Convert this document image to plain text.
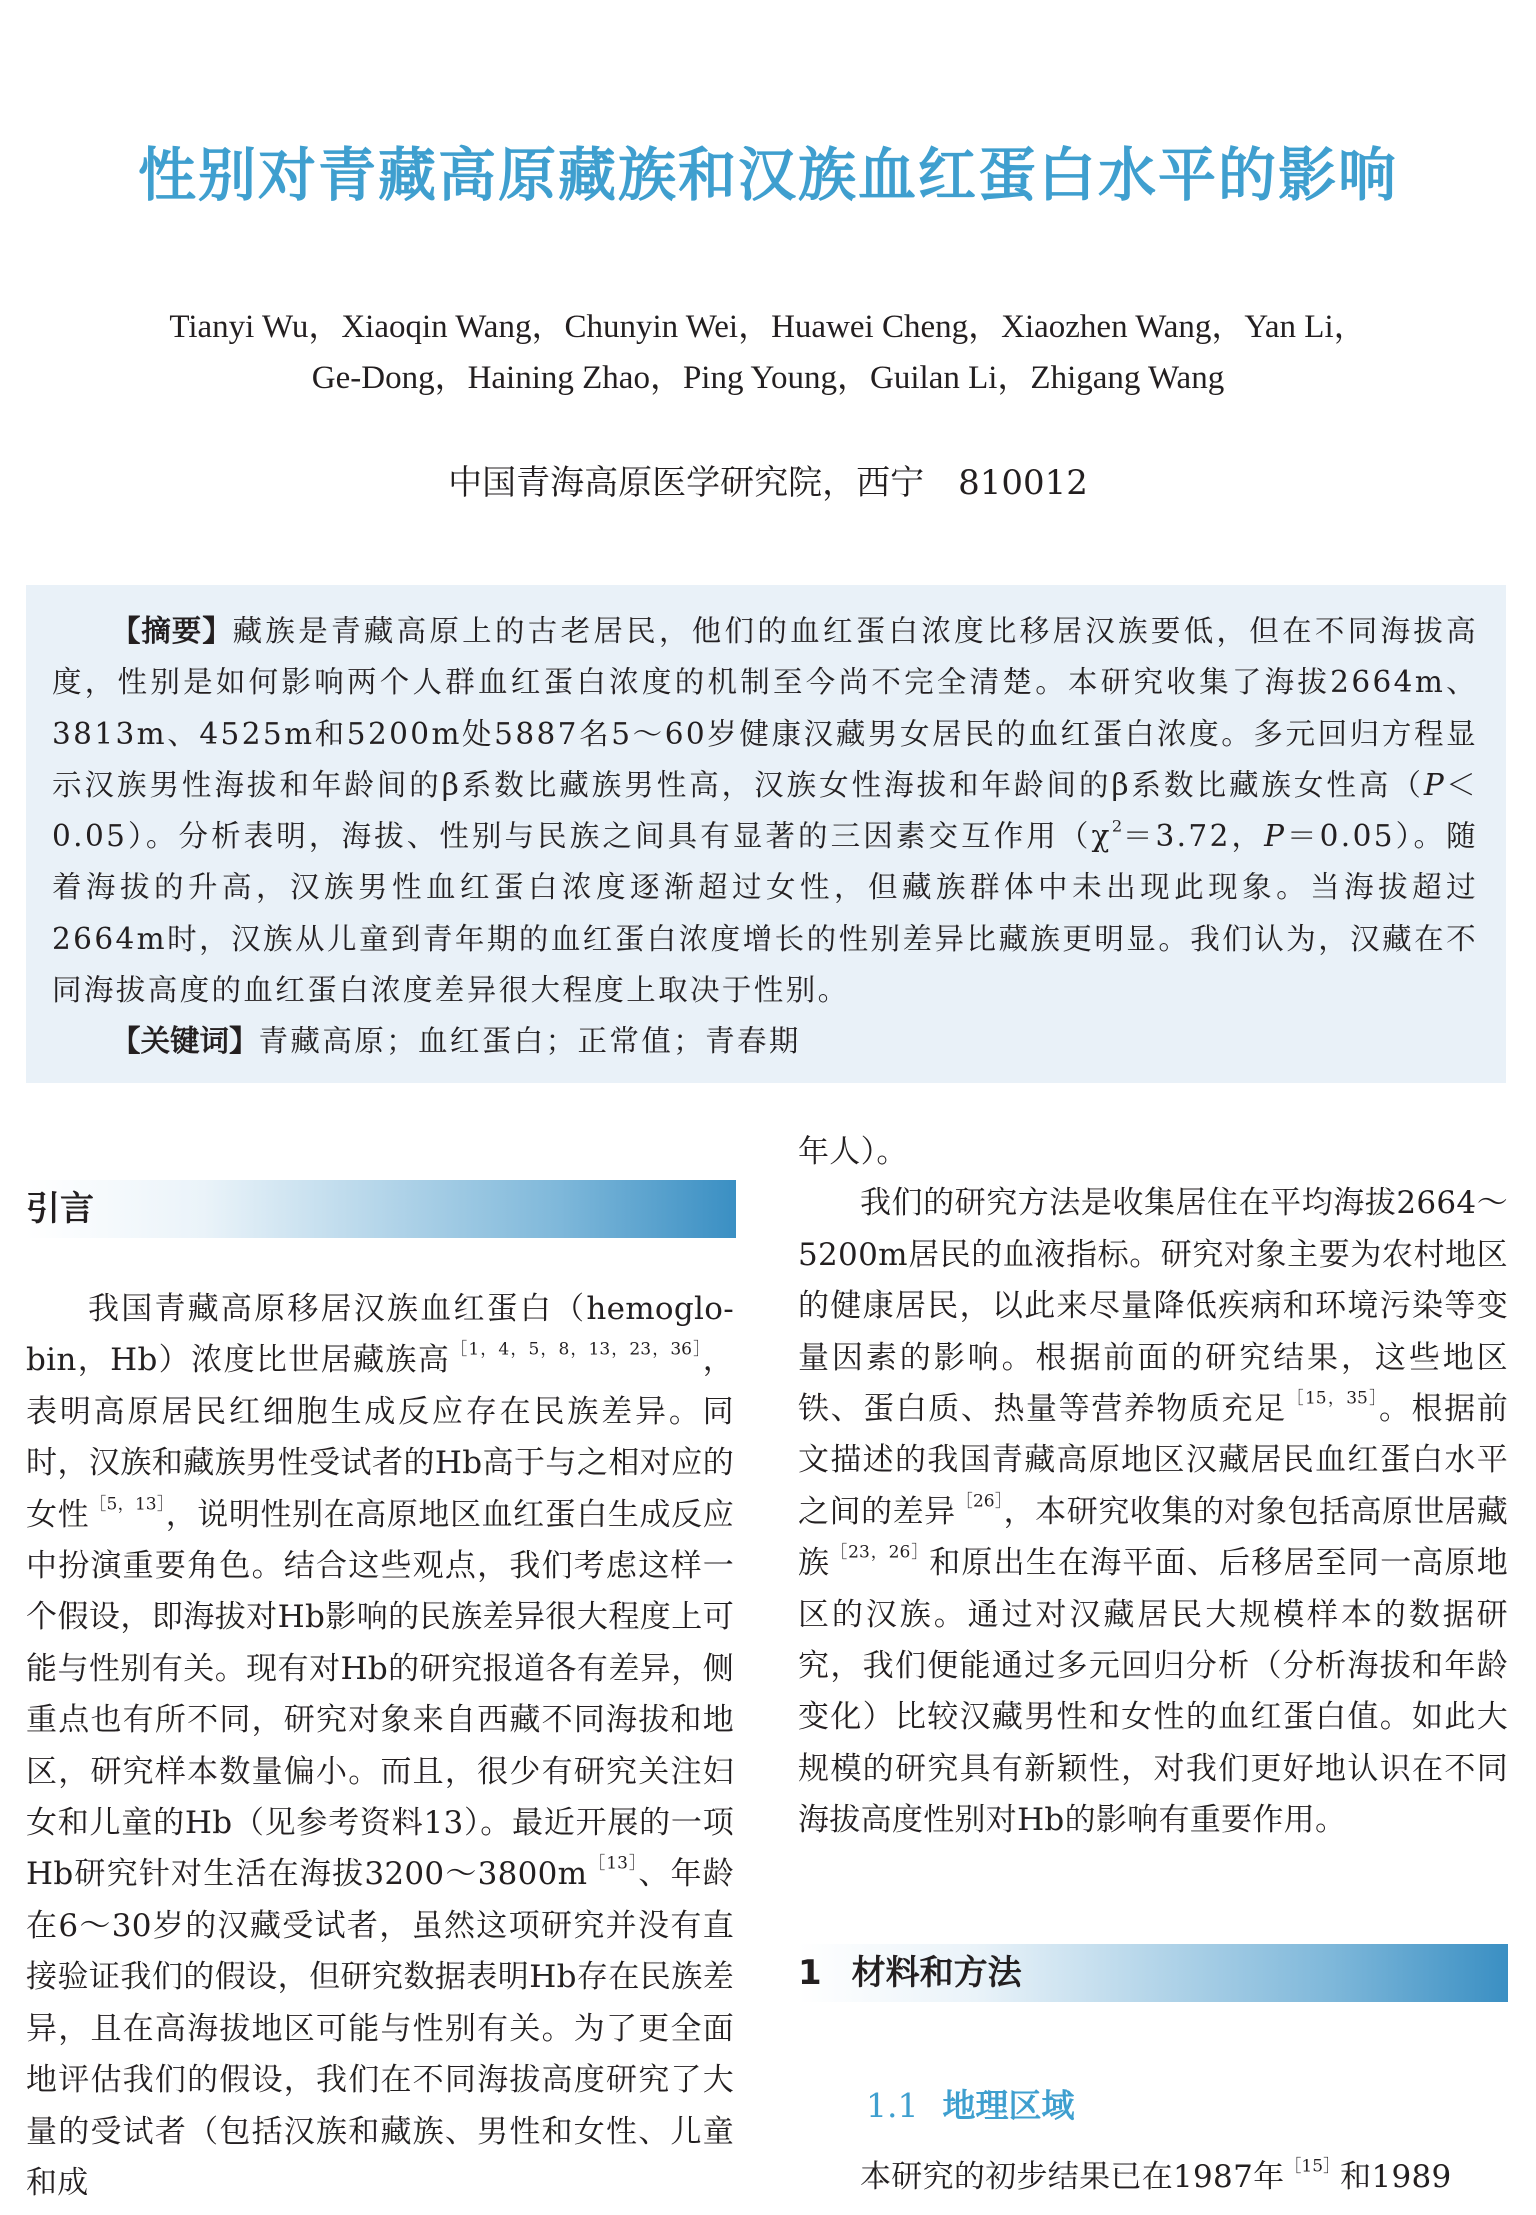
性别对青藏高原藏族和汉族血红蛋白水平的影响
Tianyi Wu，Xiaoqin Wang，Chunyin Wei，Huawei Cheng，Xiaozhen Wang，Yan Li，
Ge-Dong，Haining Zhao，Ping Young，Guilan Li，Zhigang Wang
中国青海高原医学研究院，西宁　810012

【摘要】藏族是青藏高原上的古老居民，他们的血红蛋白浓度比移居汉族要低，但在不同海拔高度，性别是如何影响两个人群血红蛋白浓度的机制至今尚不完全清楚。本研究收集了海拔2664m、3813m、4525m和5200m处5887名5～60岁健康汉藏男女居民的血红蛋白浓度。多元回归方程显示汉族男性海拔和年龄间的β系数比藏族男性高，汉族女性海拔和年龄间的β系数比藏族女性高（P＜0.05）。分析表明，海拔、性别与民族之间具有显著的三因素交互作用（$\chi^2=3.72$，P＝0.05）。随着海拔的升高，汉族男性血红蛋白浓度逐渐超过女性，但藏族群体中未出现此现象。当海拔超过2664m时，汉族从儿童到青年期的血红蛋白浓度增长的性别差异比藏族更明显。我们认为，汉藏在不同海拔高度的血红蛋白浓度差异很大程度上取决于性别。

【关键词】青藏高原；血红蛋白；正常值；青春期

引言

我国青藏高原移居汉族血红蛋白（hemoglo-bin，Hb）浓度比世居藏族高$^{[1,4,5,8,13,23,36]}$，表明高原居民红细胞生成反应存在民族差异。同时，汉族和藏族男性受试者的Hb高于与之相对应的女性$^{[5,13]}$，说明性别在高原地区血红蛋白生成反应中扮演重要角色。结合这些观点，我们考虑这样一个假设，即海拔对Hb影响的民族差异很大程度上可能与性别有关。现有对Hb的研究报道各有差异，侧重点也有所不同，研究对象来自西藏不同海拔和地区，研究样本数量偏小。而且，很少有研究关注妇女和儿童的Hb（见参考资料13）。最近开展的一项Hb研究针对生活在海拔$3200\sim 3800m^{[13]}$、年龄在6～30岁的汉藏受试者，虽然这项研究并没有直接验证我们的假设，但研究数据表明Hb存在民族差异，且在高海拔地区可能与性别有关。为了更全面地评估我们的假设，我们在不同海拔高度研究了大量的受试者（包括汉族和藏族、男性和女性、儿童和成

年人）。

我们的研究方法是收集居住在平均海拔2664～5200m居民的血液指标。研究对象主要为农村地区的健康居民，以此来尽量降低疾病和环境污染等变量因素的影响。根据前面的研究结果，这些地区铁、蛋白质、热量等营养物质充足$^{[15,35]}$。根据前文描述的我国青藏高原地区汉藏居民血红蛋白水平之间的差异$^{[26]}$，本研究收集的对象包括高原世居藏族$^{[23,26]}$和原出生在海平面、后移居至同一高原地区的汉族。通过对汉藏居民大规模样本的数据研究，我们便能通过多元回归分析（分析海拔和年龄变化）比较汉藏男性和女性的血红蛋白值。如此大规模的研究具有新颖性，对我们更好地认识在不同海拔高度性别对Hb的影响有重要作用。

1 材料和方法
1.1 地理区域

本研究的初步结果已在1987年$^{[15]}$和1989
